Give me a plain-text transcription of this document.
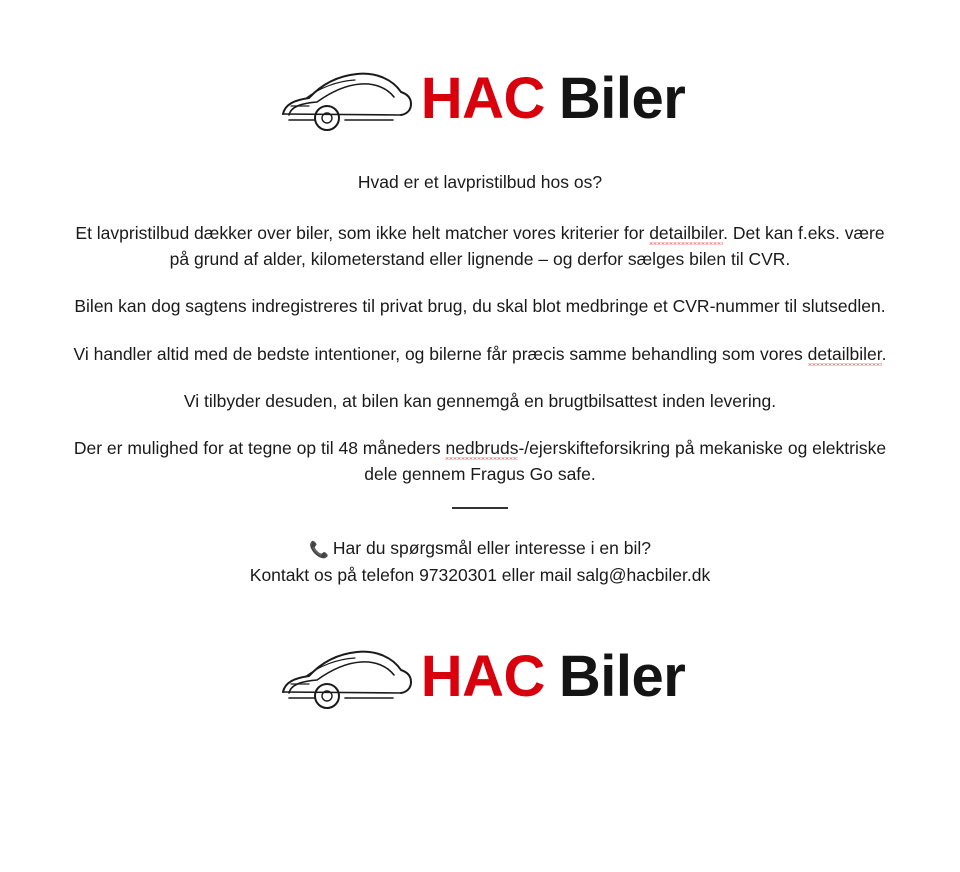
HAC Biler

Hvad er et lavpristilbud hos os?

Et lavpristilbud dækker over biler, som ikke helt matcher vores kriterier for detailbiler. Det kan f.eks. være på grund af alder, kilometerstand eller lignende – og derfor sælges bilen til CVR.

Bilen kan dog sagtens indregistreres til privat brug, du skal blot medbringe et CVR-nummer til slutsedlen.

Vi handler altid med de bedste intentioner, og bilerne får præcis samme behandling som vores detailbiler.

Vi tilbyder desuden, at bilen kan gennemgå en brugtbilsattest inden levering.

Der er mulighed for at tegne op til 48 måneders nedbruds-/ejerskifteforsikring på mekaniske og elektriske dele gennem Fragus Go safe.

📞 Har du spørgsmål eller interesse i en bil?
Kontakt os på telefon 97320301 eller mail salg@hacbiler.dk

HAC Biler
